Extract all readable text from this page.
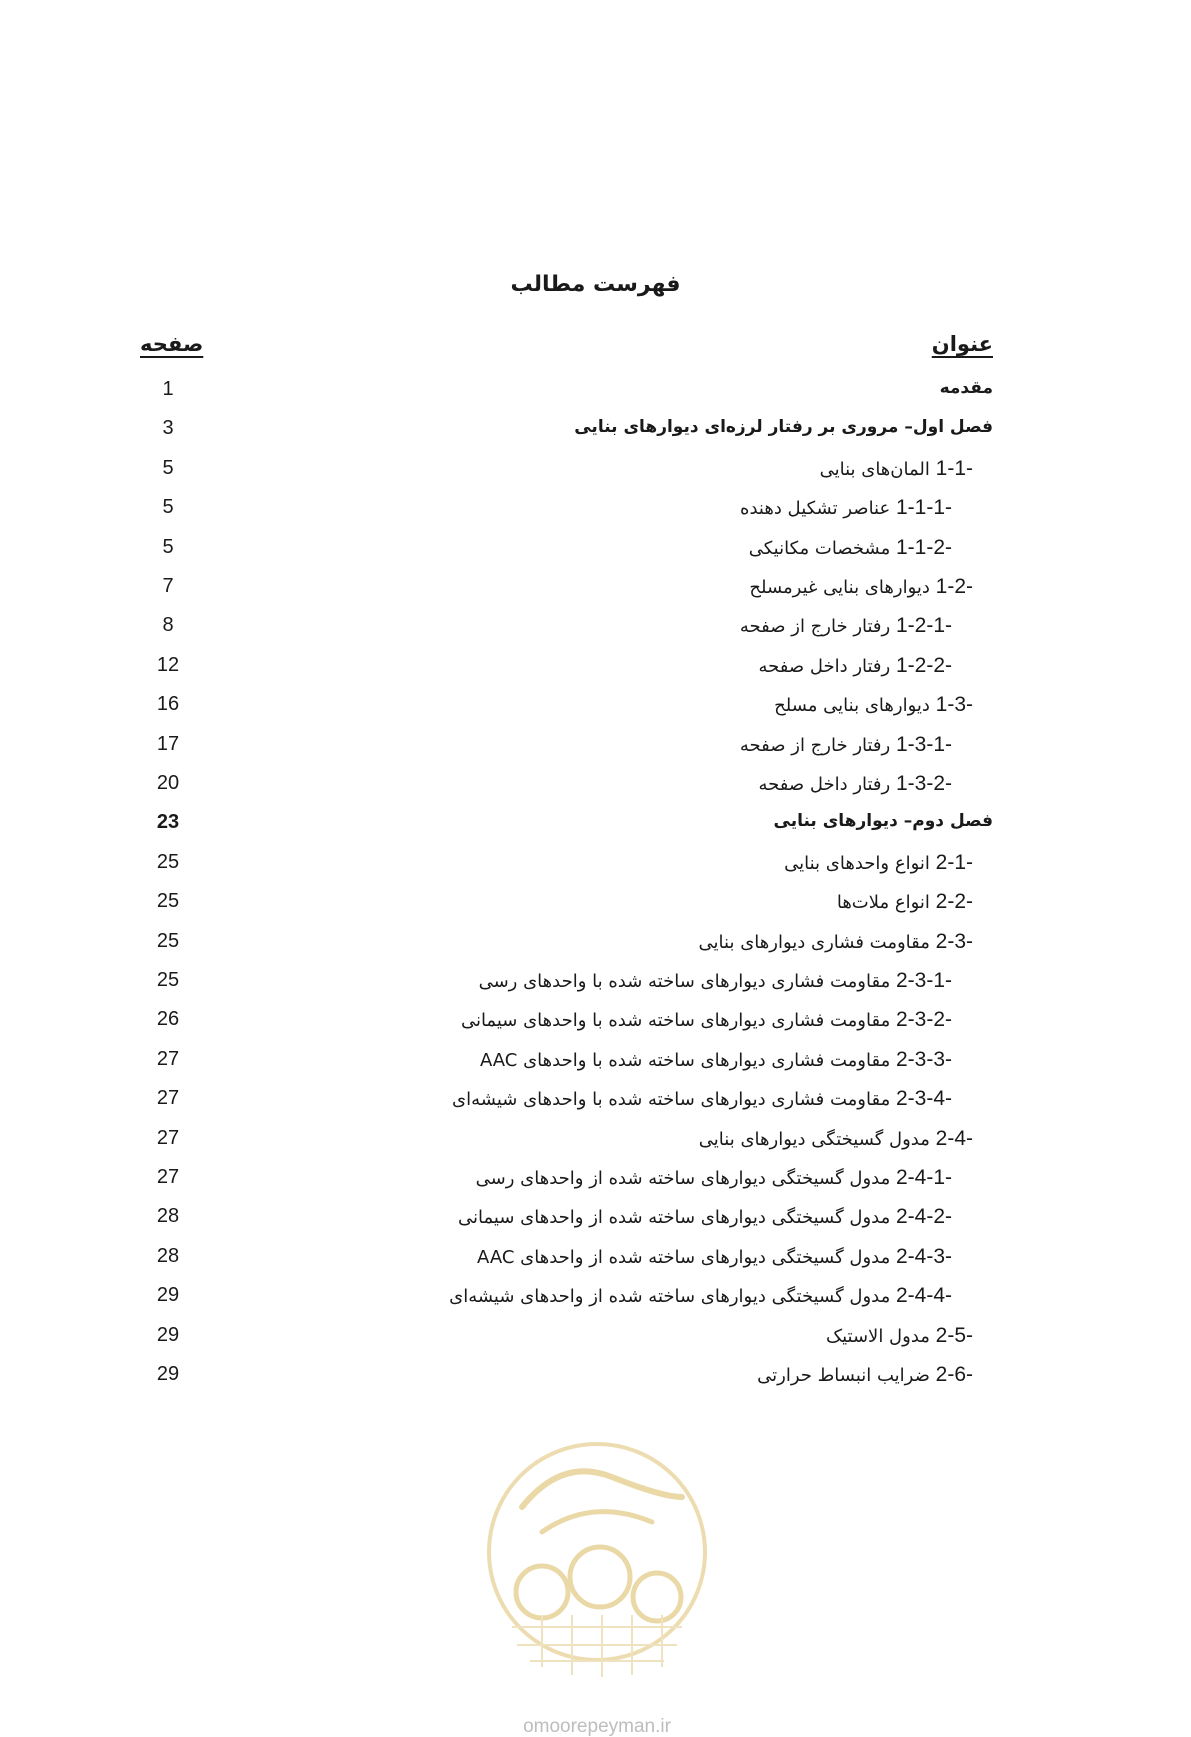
فهرست مطالب
عنوان
صفحه
مقدمه
1
فصل اول– مروری بر رفتار لرزه‌ای دیوارهای بنایی
3
1-1- المان‌های بنایی
5
1-1-1- عناصر تشکیل دهنده
5
1-1-2- مشخصات مکانیکی
5
1-2- دیوارهای بنایی غیرمسلح
7
1-2-1- رفتار خارج از صفحه
8
1-2-2- رفتار داخل صفحه
12
1-3- دیوارهای بنایی مسلح
16
1-3-1- رفتار خارج از صفحه
17
1-3-2- رفتار داخل صفحه
20
فصل دوم– دیوارهای بنایی
23
2-1- انواع واحدهای بنایی
25
2-2- انواع ملات‌ها
25
2-3- مقاومت فشاری دیوارهای بنایی
25
2-3-1- مقاومت فشاری دیوارهای ساخته شده با واحدهای رسی
25
2-3-2- مقاومت فشاری دیوارهای ساخته شده با واحدهای سیمانی
26
2-3-3- مقاومت فشاری دیوارهای ساخته شده با واحدهای AAC
27
2-3-4- مقاومت فشاری دیوارهای ساخته شده با واحدهای شیشه‌ای
27
2-4- مدول گسیختگی دیوارهای بنایی
27
2-4-1- مدول گسیختگی دیوارهای ساخته شده از واحدهای رسی
27
2-4-2- مدول گسیختگی دیوارهای ساخته شده از واحدهای سیمانی
28
2-4-3- مدول گسیختگی دیوارهای ساخته شده از واحدهای AAC
28
2-4-4- مدول گسیختگی دیوارهای ساخته شده از واحدهای شیشه‌ای
29
2-5- مدول الاستیک
29
2-6- ضرایب انبساط حرارتی
29
omoorepeyman.ir
